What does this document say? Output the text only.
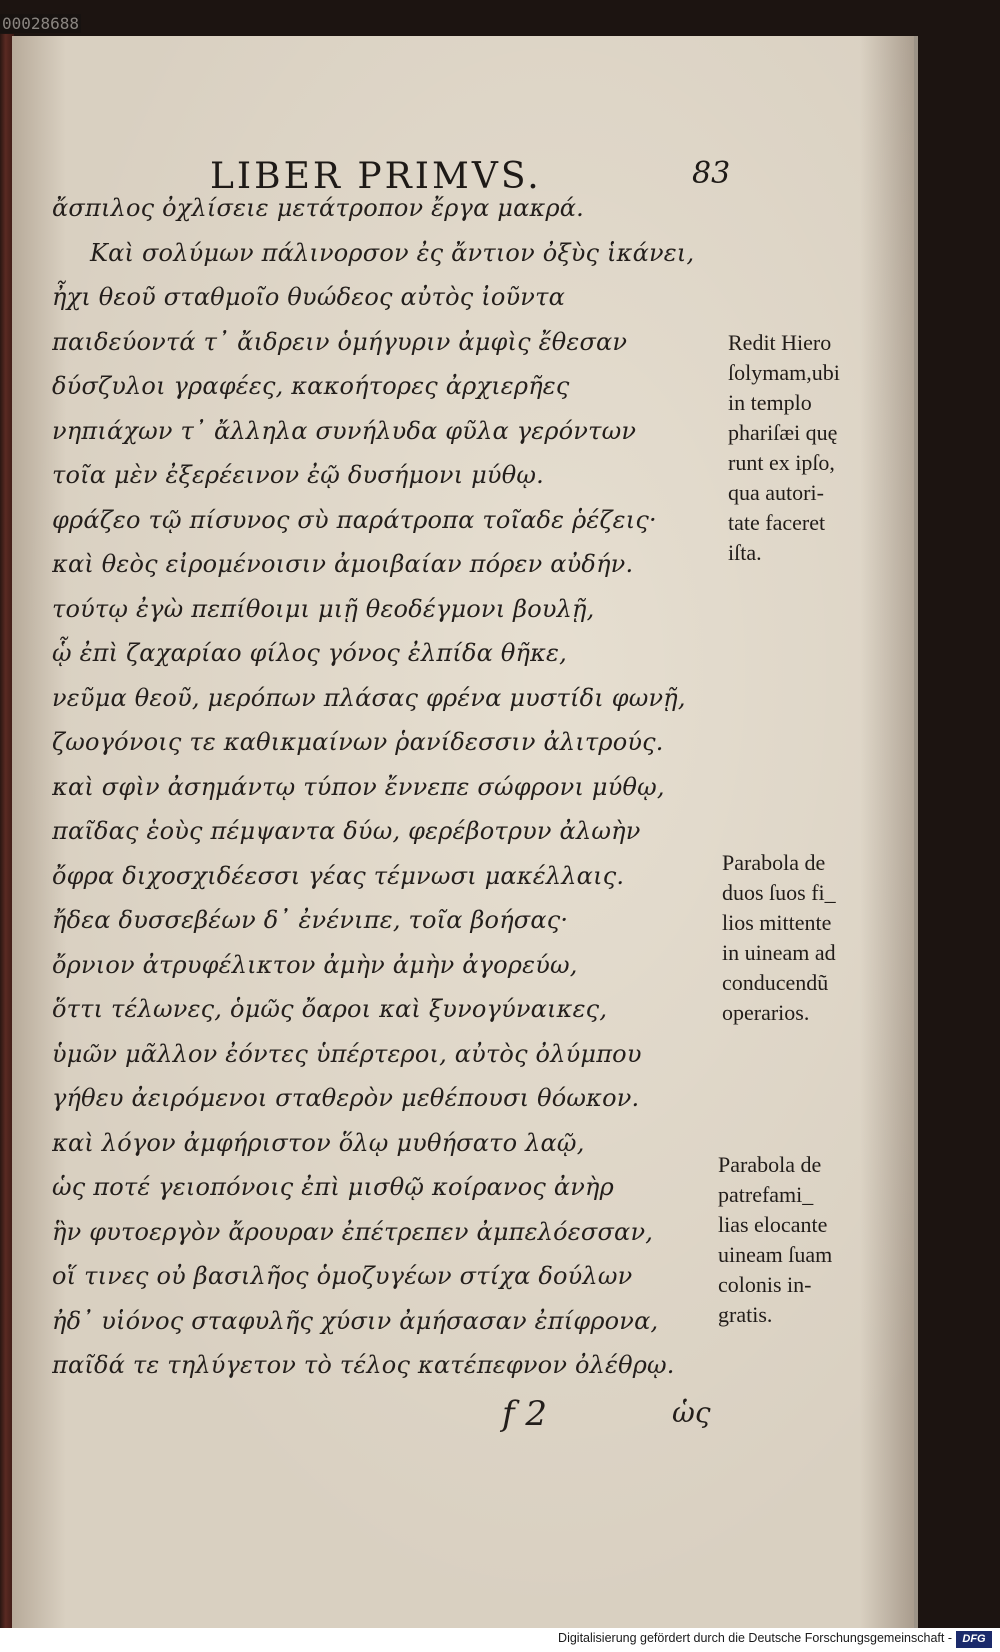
00028688
LIBER PRIMVS.	83
ἄσπιλος ὀχλίσειε μετάτροπον ἔργα μακρά.
Καὶ σολύμων πάλινορσον ἐς ἄντιον ὀξὺς ἱκάνει,
ἦχι θεοῦ σταθμοῖο θυώδεος αὐτὸς ἰοῦντα
παιδεύοντά τ᾽ ἄιδρειν ὁμήγυριν ἀμφὶς ἔθεσαν
δύσζυλοι γραφέες, κακοήτορες ἀρχιερῆες
νηπιάχων τ᾽ ἄλληλα συνήλυδα φῦλα γερόντων
τοῖα μὲν ἐξερέεινον ἐῷ δυσήμονι μύθῳ.
φράζεο τῷ πίσυνος σὺ παράτροπα τοῖαδε ῥέζεις·
καὶ θεὸς εἰρομένοισιν ἀμοιβαίαν πόρεν αὐδήν.
τούτῳ ἐγὼ πεπίθοιμι μιῇ θεοδέγμονι βουλῇ,
ᾧ ἐπὶ ζαχαρίαο φίλος γόνος ἐλπίδα θῆκε,
νεῦμα θεοῦ, μερόπων πλάσας φρένα μυστίδι φωνῇ,
ζωογόνοις τε καθικμαίνων ῥανίδεσσιν ἀλιτρούς.
καὶ σφὶν ἀσημάντῳ τύπον ἔννεπε σώφρονι μύθῳ,
παῖδας ἑοὺς πέμψαντα δύω, φερέβοτρυν ἀλωὴν
ὄφρα διχοσχιδέεσσι γέας τέμνωσι μακέλλαις.
ἤδεα δυσσεβέων δ᾽ ἐνένιπε, τοῖα βοήσας·
ὄρνιον ἀτρυφέλικτον ἀμὴν ἀμὴν ἀγορεύω,
ὅττι τέλωνες, ὁμῶς ὄαροι καὶ ξυνογύναικες,
ὑμῶν μᾶλλον ἐόντες ὑπέρτεροι, αὐτὸς ὀλύμπου
γήθευ ἀειρόμενοι σταθερὸν μεθέπουσι θόωκον.
καὶ λόγον ἀμφήριστον ὅλῳ μυθήσατο λαῷ,
ὡς ποτέ γειοπόνοις ἐπὶ μισθῷ κοίρανος ἀνὴρ
ἣν φυτοεργὸν ἄρουραν ἐπέτρεπεν ἀμπελόεσσαν,
οἵ τινες οὐ βασιλῆος ὁμοζυγέων στίχα δούλων
ἠδ᾽ υἱόνος σταφυλῆς χύσιν ἀμήσασαν ἐπίφρονα,
παῖδά τε τηλύγετον τὸ τέλος κατέπεφνον ὀλέθρῳ.
Redit Hiero
ſolymam,ubi
in templo
phariſæi quę
runt ex ipſo,
qua autori-
tate faceret
iſta.
Parabola de
duos ſuos fi_
lios mittente
in uineam ad
conducendũ
operarios.
Parabola de
patrefami_
lias elocante
uineam ſuam
colonis in-
gratis.
f 2	ὡς
Digitalisierung gefördert durch die Deutsche Forschungsgemeinschaft - DFG
